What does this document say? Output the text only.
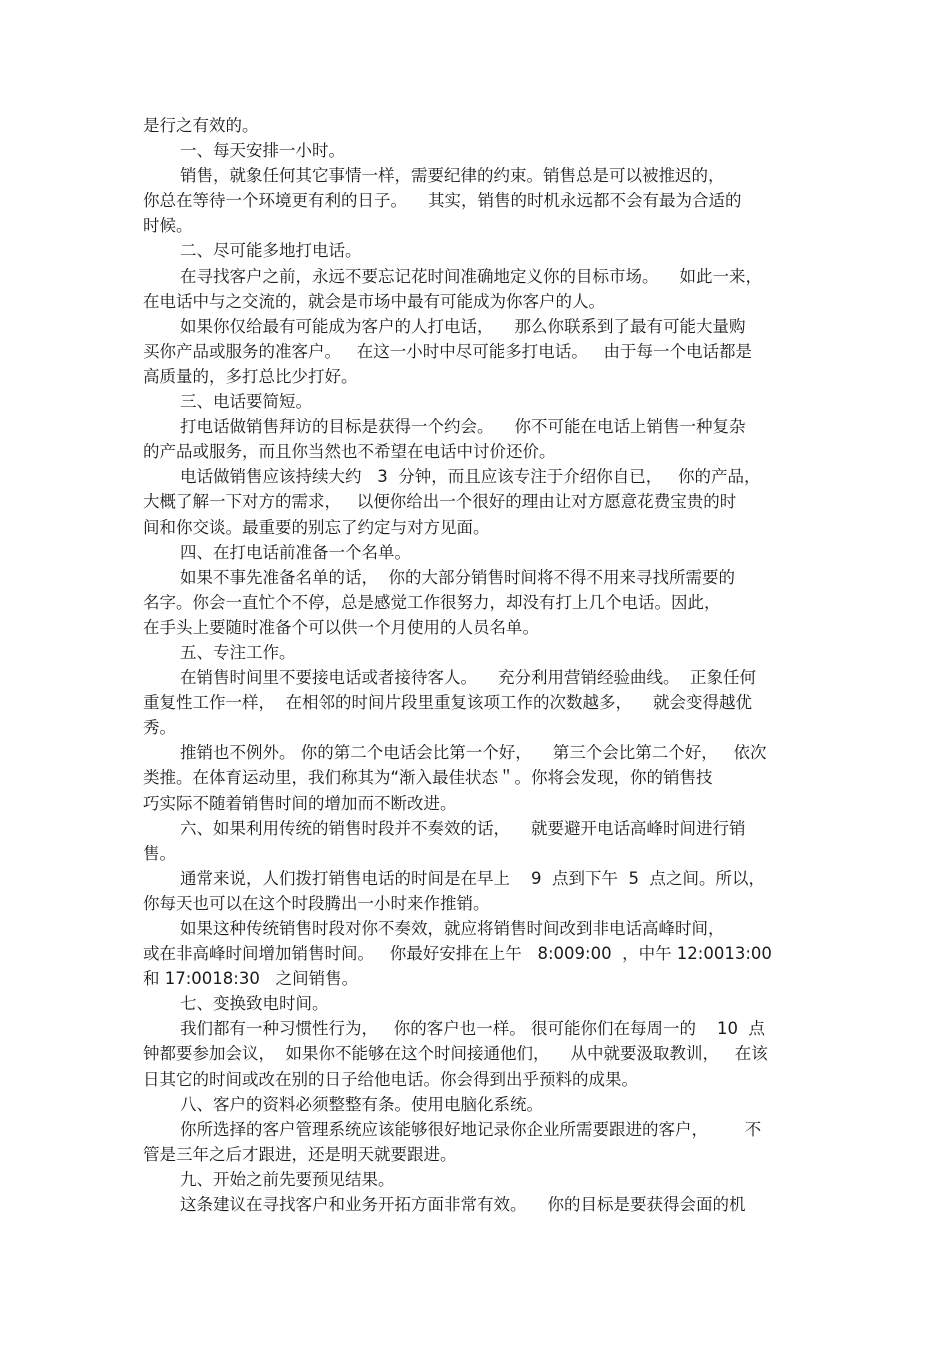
是行之有效的。
一、每天安排一小时。
销售，就象任何其它事情一样，需要纪律的约束。销售总是可以被推迟的，
你总在等待一个环境更有利的日子。    其实，销售的时机永远都不会有最为合适的
时候。
二、尽可能多地打电话。
在寻找客户之前，永远不要忘记花时间准确地定义你的目标市场。    如此一来，
在电话中与之交流的，就会是市场中最有可能成为你客户的人。
如果你仅给最有可能成为客户的人打电话，    那么你联系到了最有可能大量购
买你产品或服务的准客户。   在这一小时中尽可能多打电话。   由于每一个电话都是
高质量的，多打总比少打好。
三、电话要简短。
打电话做销售拜访的目标是获得一个约会。    你不可能在电话上销售一种复杂
的产品或服务，而且你当然也不希望在电话中讨价还价。
电话做销售应该持续大约   3  分钟，而且应该专注于介绍你自已，   你的产品，
大概了解一下对方的需求，   以便你给出一个很好的理由让对方愿意花费宝贵的时
间和你交谈。最重要的别忘了约定与对方见面。
四、在打电话前准备一个名单。
如果不事先准备名单的话，  你的大部分销售时间将不得不用来寻找所需要的
名字。你会一直忙个不停，总是感觉工作很努力，却没有打上几个电话。因此，
在手头上要随时准备个可以供一个月使用的人员名单。
五、专注工作。
在销售时间里不要接电话或者接待客人。    充分利用营销经验曲线。  正象任何
重复性工作一样，  在相邻的时间片段里重复该项工作的次数越多，    就会变得越优
秀。
推销也不例外。 你的第二个电话会比第一个好，    第三个会比第二个好，   依次
类推。在体育运动里，我们称其为“渐入最佳状态＂。你将会发现，你的销售技
巧实际不随着销售时间的增加而不断改进。
六、如果利用传统的销售时段并不奏效的话，    就要避开电话高峰时间进行销
售。
通常来说，人们拨打销售电话的时间是在早上    9  点到下午  5  点之间。所以，
你每天也可以在这个时段腾出一小时来作推销。
如果这种传统销售时段对你不奏效，就应将销售时间改到非电话高峰时间，
或在非高峰时间增加销售时间。   你最好安排在上午   8:009:00  ，中午 12:0013:00
和 17:0018:30   之间销售。
七、变换致电时间。
我们都有一种习惯性行为，   你的客户也一样。 很可能你们在每周一的    10  点
钟都要参加会议，  如果你不能够在这个时间接通他们，    从中就要汲取教训，   在该
日其它的时间或改在别的日子给他电话。你会得到出乎预料的成果。
八、客户的资料必须整整有条。使用电脑化系统。
你所选择的客户管理系统应该能够很好地记录你企业所需要跟进的客户，       不
管是三年之后才跟进，还是明天就要跟进。
九、开始之前先要预见结果。
这条建议在寻找客户和业务开拓方面非常有效。    你的目标是要获得会面的机
